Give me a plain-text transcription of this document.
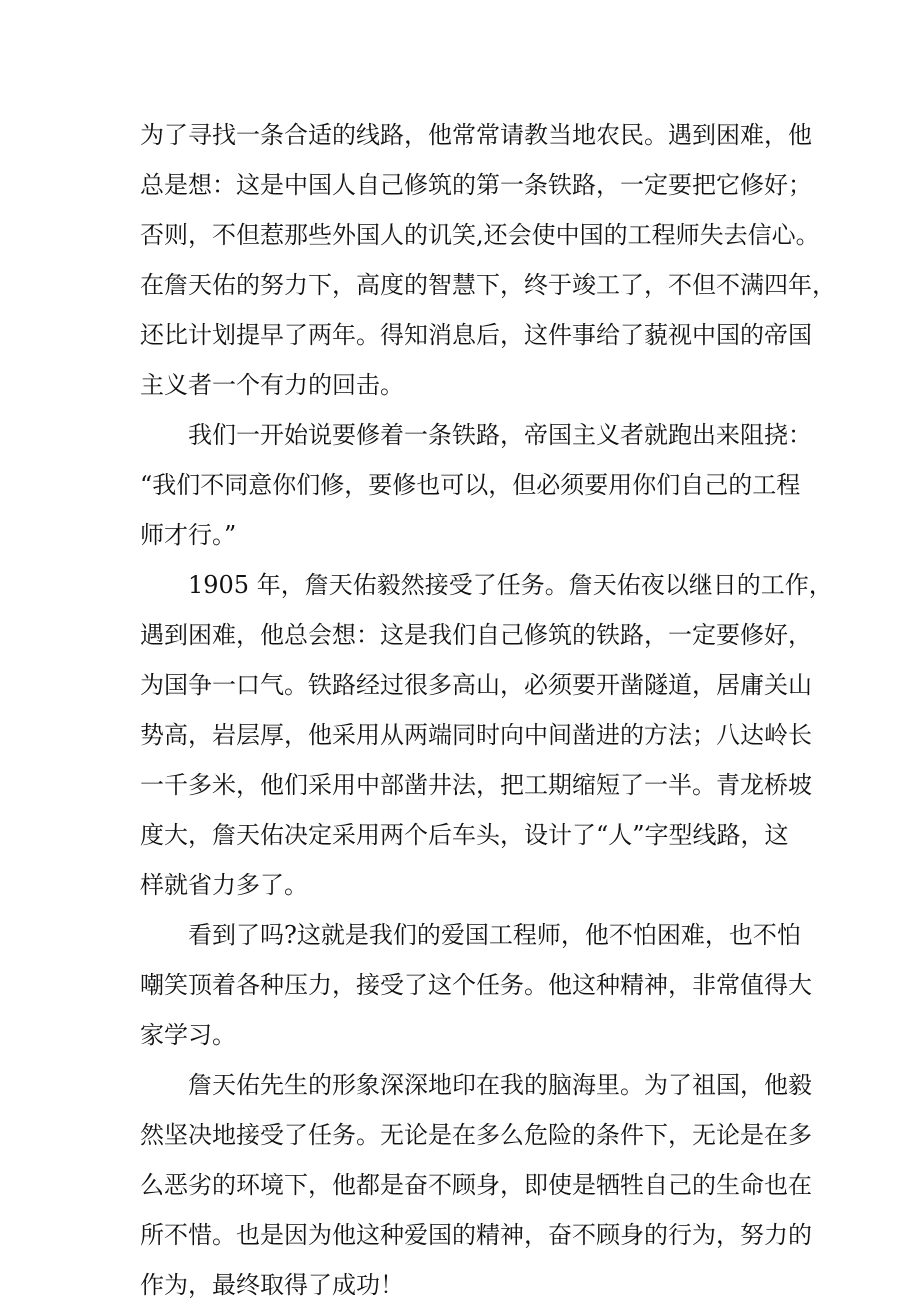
为了寻找一条合适的线路，他常常请教当地农民。遇到困难，他
总是想：这是中国人自己修筑的第一条铁路，一定要把它修好；
否则，不但惹那些外国人的讥笑,还会使中国的工程师失去信心。
在詹天佑的努力下，高度的智慧下，终于竣工了，不但不满四年，
还比计划提早了两年。得知消息后，这件事给了藐视中国的帝国
主义者一个有力的回击。
我们一开始说要修着一条铁路，帝国主义者就跑出来阻挠：
“我们不同意你们修，要修也可以，但必须要用你们自己的工程
师才行。”
1905 年，詹天佑毅然接受了任务。詹天佑夜以继日的工作，
遇到困难，他总会想：这是我们自己修筑的铁路，一定要修好，
为国争一口气。铁路经过很多高山，必须要开凿隧道，居庸关山
势高，岩层厚，他采用从两端同时向中间凿进的方法；八达岭长
一千多米，他们采用中部凿井法，把工期缩短了一半。青龙桥坡
度大，詹天佑决定采用两个后车头，设计了“人”字型线路，这
样就省力多了。
看到了吗?这就是我们的爱国工程师，他不怕困难，也不怕
嘲笑顶着各种压力，接受了这个任务。他这种精神，非常值得大
家学习。
詹天佑先生的形象深深地印在我的脑海里。为了祖国，他毅
然坚决地接受了任务。无论是在多么危险的条件下，无论是在多
么恶劣的环境下，他都是奋不顾身，即使是牺牲自己的生命也在
所不惜。也是因为他这种爱国的精神，奋不顾身的行为，努力的
作为，最终取得了成功！
